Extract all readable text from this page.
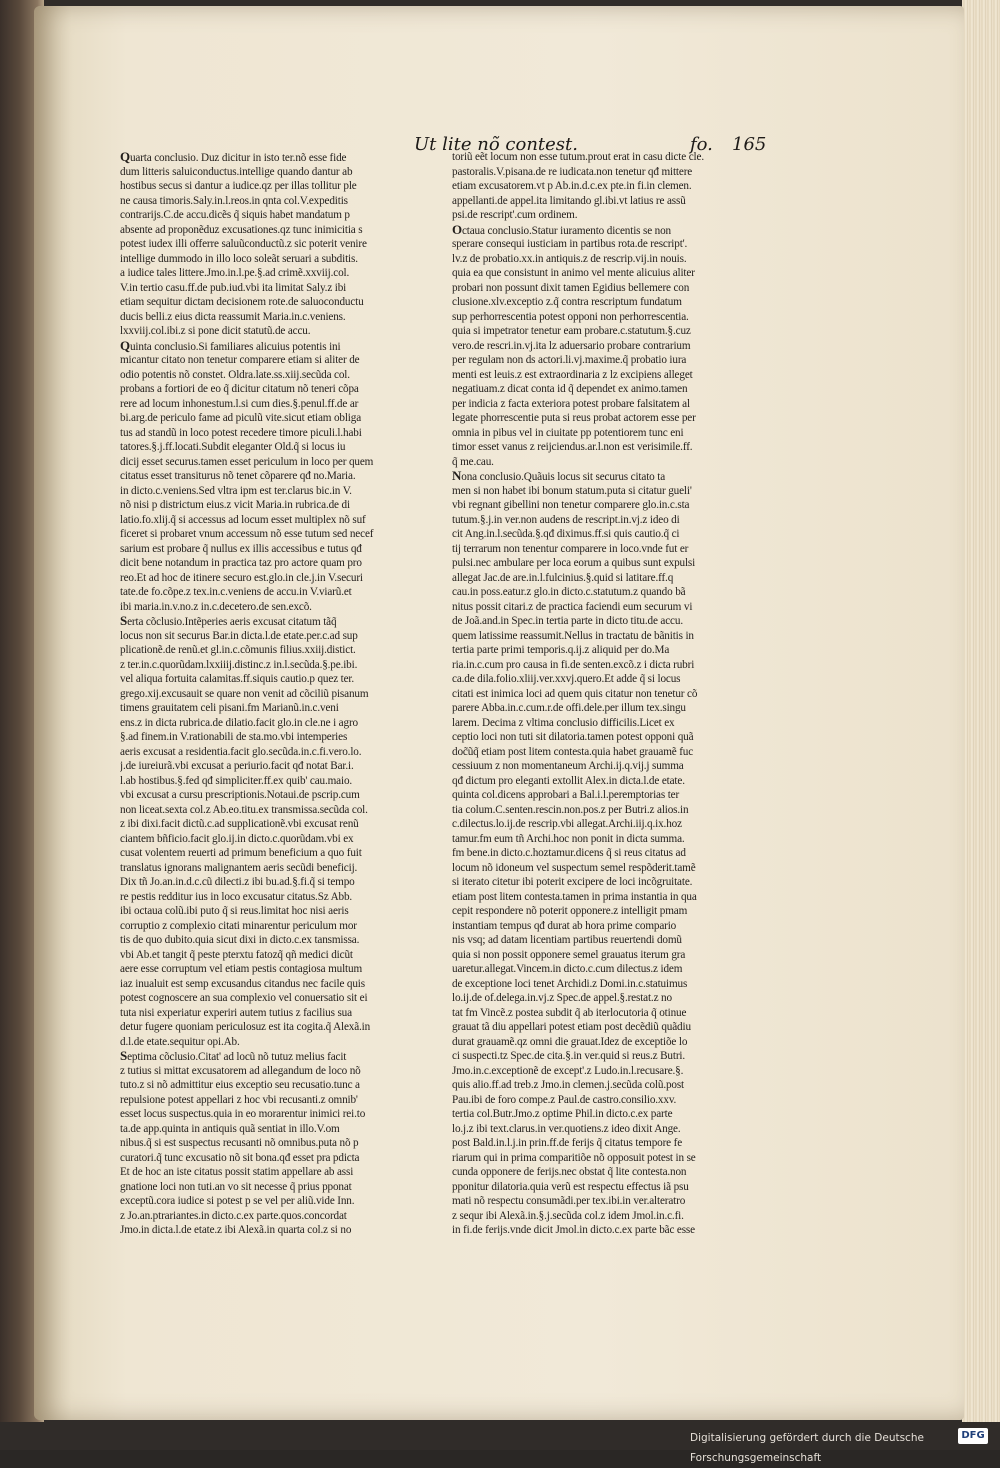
Ut lite nõ contest.	fo. 165
Quarta conclusio. Duz dicitur in isto ter.nõ esse fide
dum litteris saluiconductus.intellige quando dantur ab
hostibus secus si dantur a iudice.qz per illas tollitur ple
ne causa timoris.Saly.in.l.reos.in qnta col.V.expeditis
contrarijs.C.de accu.dicẽs q̃ siquis habet mandatum p
absente ad proponẽduz excusationes.qz tunc inimicitia s
potest iudex illi offerre saluũconductũ.z sic poterit venire
intellige dummodo in illo loco soleãt seruari a subditis.
a iudice tales littere.Jmo.in.l.pe.§.ad crimẽ.xxviij.col.
V.in tertio casu.ff.de pub.iud.vbi ita limitat Saly.z ibi
etiam sequitur dictam decisionem rote.de saluoconductu
ducis belli.z eius dicta reassumit Maria.in.c.veniens.
lxxviij.col.ibi.z si pone dicit statutũ.de accu.
Quinta conclusio.Si familiares alicuius potentis ini
micantur citato non tenetur comparere etiam si aliter de
odio potentis nõ constet. Oldra.late.ss.xiij.secũda col.
probans a fortiori de eo q̃ dicitur citatum nõ teneri cõpa
rere ad locum inhonestum.l.si cum dies.§.penul.ff.de ar
bi.arg.de periculo fame ad piculũ vite.sicut etiam obliga
tus ad standũ in loco potest recedere timore piculi.l.habi
tatores.§.j.ff.locati.Subdit eleganter Old.q̃ si locus iu
dicij esset securus.tamen esset periculum in loco per quem
citatus esset transiturus nõ tenet cõparere qđ no.Maria.
in dicto.c.veniens.Sed vltra ipm est ter.clarus bic.in V.
nõ nisi p districtum eius.z vicit Maria.in rubrica.de di
latio.fo.xlij.q̃ si accessus ad locum esset multiplex nõ suf
ficeret si probaret vnum accessum nõ esse tutum sed necef
sarium est probare q̃ nullus ex illis accessibus e tutus qđ
dicit bene notandum in practica taz pro actore quam pro
reo.Et ad hoc de itinere securo est.glo.in cle.j.in V.securi
tate.de fo.cõpe.z tex.in.c.veniens de accu.in V.viarũ.et
ibi maria.in.v.no.z in.c.decetero.de sen.excõ.
Serta cõclusio.Intẽperies aeris excusat citatum tãq̃
locus non sit securus Bar.in dicta.l.de etate.per.c.ad sup
plicationẽ.de renũ.et gl.in.c.cõmunis filius.xxiij.distict.
z ter.in.c.quorũdam.lxxiiij.distinc.z in.l.secũda.§.pe.ibi.
vel aliqua fortuita calamitas.ff.siquis cautio.p quez ter.
grego.xij.excusauit se quare non venit ad cõciliũ pisanum
timens grauitatem celi pisani.fm Marianũ.in.c.veni
ens.z in dicta rubrica.de dilatio.facit glo.in cle.ne i agro
§.ad finem.in V.rationabili de sta.mo.vbi intemperies
aeris excusat a residentia.facit glo.secũda.in.c.fi.vero.lo.
j.de iureiurã.vbi excusat a periurio.facit qđ notat Bar.i.
l.ab hostibus.§.fed qđ simpliciter.ff.ex quib' cau.maio.
vbi excusat a cursu prescriptionis.Notaui.de pscrip.cum
non liceat.sexta col.z Ab.eo.titu.ex transmissa.secũda col.
z ibi dixi.facit dictũ.c.ad supplicationẽ.vbi excusat renũ
ciantem bñficio.facit glo.ij.in dicto.c.quorũdam.vbi ex
cusat volentem reuerti ad primum beneficium a quo fuit
translatus ignorans malignantem aeris secũdi beneficij.
Dix tñ Jo.an.in.d.c.cũ dilecti.z ibi bu.ad.§.fi.q̃ si tempo
re pestis redditur ius in loco excusatur citatus.Sz Abb.
ibi octaua colũ.ibi puto q̃ si reus.limitat hoc nisi aeris
corruptio z complexio citati minarentur periculum mor
tis de quo dubito.quia sicut dixi in dicto.c.ex tansmissa.
vbi Ab.et tangit q̃ peste pterxtu fatozq̃ qñ medici dicũt
aere esse corruptum vel etiam pestis contagiosa multum
iaz inualuit est semp excusandus citandus nec facile quis
potest cognoscere an sua complexio vel conuersatio sit ei
tuta nisi experiatur experiri autem tutius z facilius sua
detur fugere quoniam periculosuz est ita cogita.q̃ Alexã.in
d.l.de etate.sequitur opi.Ab.
Septima cõclusio.Citat' ad locũ nõ tutuz melius facit
z tutius si mittat excusatorem ad allegandum de loco nõ
tuto.z si nõ admittitur eius exceptio seu recusatio.tunc a
repulsione potest appellari z hoc vbi recusanti.z omnib'
esset locus suspectus.quia in eo morarentur inimici rei.to
ta.de app.quinta in antiquis quã sentiat in illo.V.om
nibus.q̃ si est suspectus recusanti nõ omnibus.puta nõ p
curatori.q̃ tunc excusatio nõ sit bona.qđ esset pra pdicta
Et de hoc an iste citatus possit statim appellare ab assi
gnatione loci non tuti.an vo sit necesse q̃ prius pponat
exceptũ.cora iudice si potest p se vel per aliũ.vide Inn.
z Jo.an.ptrariantes.in dicto.c.ex parte.quos.concordat
Jmo.in dicta.l.de etate.z ibi Alexã.in quarta col.z si no
toriũ eẽt locum non esse tutum.prout erat in casu dicte cle.
pastoralis.V.pisana.de re iudicata.non tenetur qđ mittere
etiam excusatorem.vt p Ab.in.d.c.ex pte.in fi.in clemen.
appellanti.de appel.ita limitando gl.ibi.vt latius re assũ
psi.de rescript'.cum ordinem.
Octaua conclusio.Statur iuramento dicentis se non
sperare consequi iusticiam in partibus rota.de rescript'.
lv.z de probatio.xx.in antiquis.z de rescrip.vij.in nouis.
quia ea que consistunt in animo vel mente alicuius aliter
probari non possunt dixit tamen Egidius bellemere con
clusione.xlv.exceptio z.q̃ contra rescriptum fundatum
sup perhorrescentia potest opponi non perhorrescentia.
quia si impetrator tenetur eam probare.c.statutum.§.cuz
vero.de rescri.in.vj.ita lz aduersario probare contrarium
per regulam non ds actori.li.vj.maxime.q̃ probatio iura
menti est leuis.z est extraordinaria z lz excipiens alleget
negatiuam.z dicat conta id q̃ dependet ex animo.tamen
per indicia z facta exteriora potest probare falsitatem al
legate phorrescentie puta si reus probat actorem esse per
omnia in pibus vel in ciuitate pp potentiorem tunc eni
timor esset vanus z reijciendus.ar.l.non est verisimile.ff.
q̃ me.cau.
Nona conclusio.Quãuis locus sit securus citato ta
men si non habet ibi bonum statum.puta si citatur gueli'
vbi regnant gibellini non tenetur comparere glo.in.c.sta
tutum.§.j.in ver.non audens de rescript.in.vj.z ideo di
cit Ang.in.l.secũda.§.qđ diximus.ff.si quis cautio.q̃ ci
tij terrarum non tenentur comparere in loco.vnde fut er
pulsi.nec ambulare per loca eorum a quibus sunt expulsi
allegat Jac.de are.in.l.fulcinius.§.quid si latitare.ff.q
cau.in poss.eatur.z glo.in dicto.c.statutum.z quando bã
nitus possit citari.z de practica faciendi eum securum vi
de Joã.and.in Spec.in tertia parte in dicto titu.de accu.
quem latissime reassumit.Nellus in tractatu de bãnitis in
tertia parte primi temporis.q.ij.z aliquid per do.Ma
ria.in.c.cum pro causa in fi.de senten.excõ.z i dicta rubri
ca.de dila.folio.xliij.ver.xxvj.quero.Et adde q̃ si locus
citati est inimica loci ad quem quis citatur non tenetur cõ
parere Abba.in.c.cum.r.de offi.dele.per illum tex.singu
larem. Decima z vltima conclusio difficilis.Licet ex
ceptio loci non tuti sit dilatoria.tamen potest opponi quã
doc̃ũq̃ etiam post litem contesta.quia habet grauamẽ fuc
cessiuum z non momentaneum Archi.ij.q.vij.j summa
qđ dictum pro eleganti extollit Alex.in dicta.l.de etate.
quinta col.dicens approbari a Bal.i.l.peremptorias ter
tia colum.C.senten.rescin.non.pos.z per Butri.z alios.in
c.dilectus.lo.ij.de rescrip.vbi allegat.Archi.iij.q.ix.hoz
tamur.fm eum tñ Archi.hoc non ponit in dicta summa.
fm bene.in dicto.c.hoztamur.dicens q̃ si reus citatus ad
locum nõ idoneum vel suspectum semel respõderit.tamẽ
si iterato citetur ibi poterit excipere de loci incõgruitate.
etiam post litem contesta.tamen in prima instantia in qua
cepit respondere nõ poterit opponere.z intelligit pmam
instantiam tempus qđ durat ab hora prime compario
nis vsq; ad datam licentiam partibus reuertendi domũ
quia si non possit opponere semel grauatus iterum gra
uaretur.allegat.Vincem.in dicto.c.cum dilectus.z idem
de exceptione loci tenet Archidi.z Domi.in.c.statuimus
lo.ij.de of.delega.in.vj.z Spec.de appel.§.restat.z no
tat fm Vincẽ.z postea subdit q̃ ab iterlocutoria q̃ otinue
grauat tã diu appellari potest etiam post decẽdiũ quãdiu
durat grauamẽ.qz omni die grauat.Idez de exceptiõe lo
ci suspecti.tz Spec.de cita.§.in ver.quid si reus.z Butri.
Jmo.in.c.exceptionẽ de except'.z Ludo.in.l.recusare.§.
quis alio.ff.ad treb.z Jmo.in clemen.j.secũda colũ.post
Pau.ibi de foro compe.z Paul.de castro.consilio.xxv.
tertia col.Butr.Jmo.z optime Phil.in dicto.c.ex parte
lo.j.z ibi text.clarus.in ver.quotiens.z ideo dixit Ange.
post Bald.in.l.j.in prin.ff.de ferijs q̃ citatus tempore fe
riarum qui in prima comparitiõe nõ opposuit potest in se
cunda opponere de ferijs.nec obstat q̃ lite contesta.non
pponitur dilatoria.quia verũ est respectu effectus iã psu
mati nõ respectu consumãdi.per tex.ibi.in ver.alteratro
z sequr ibi Alexã.in.§.j.secũda col.z idem Jmol.in.c.fi.
in fi.de ferijs.vnde dicit Jmol.in dicto.c.ex parte bãc esse
Digitalisierung gefördert durch die Deutsche Forschungsgemeinschaft
DFG
